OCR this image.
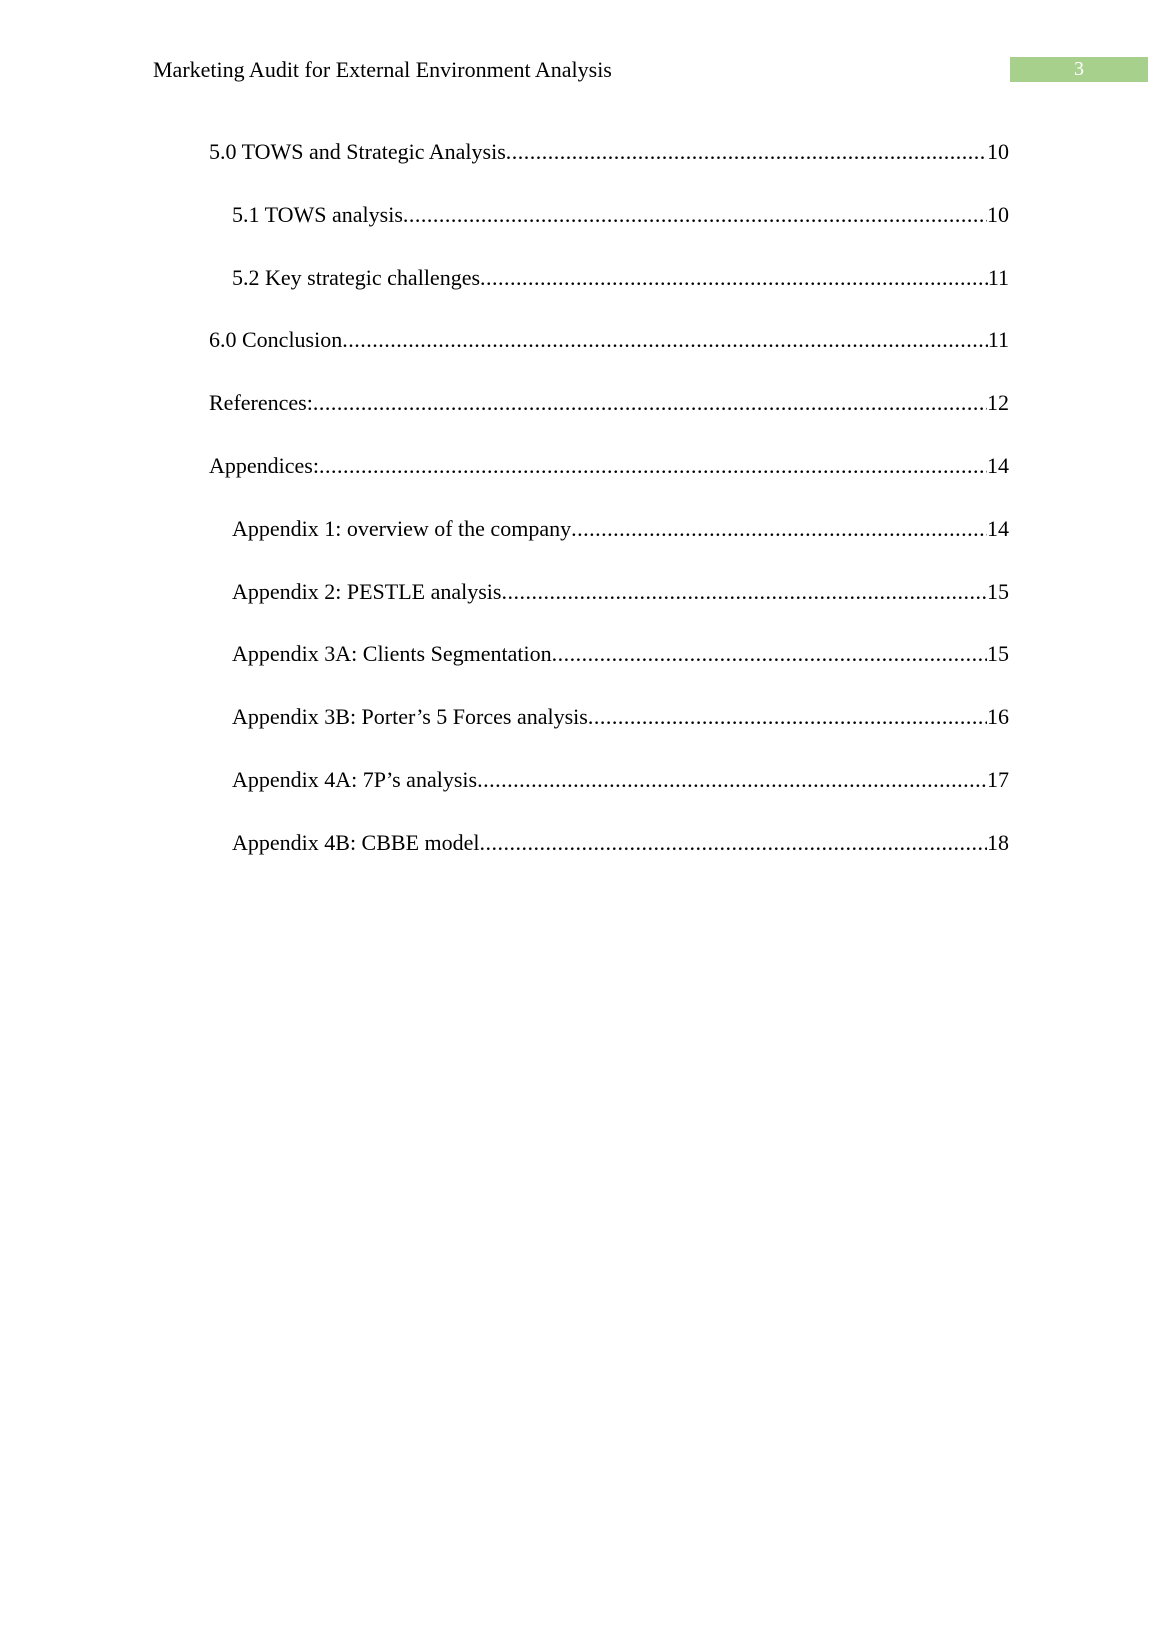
Marketing Audit for External Environment Analysis	3
5.0 TOWS and Strategic Analysis .....	10
5.1 TOWS analysis .....	10
5.2 Key strategic challenges .....	11
6.0 Conclusion .....	11
References: .....	12
Appendices: .....	14
Appendix 1: overview of the company .....	14
Appendix 2: PESTLE analysis .....	15
Appendix 3A: Clients Segmentation .....	15
Appendix 3B: Porter’s 5 Forces analysis .....	16
Appendix 4A: 7P’s analysis .....	17
Appendix 4B: CBBE model .....	18
